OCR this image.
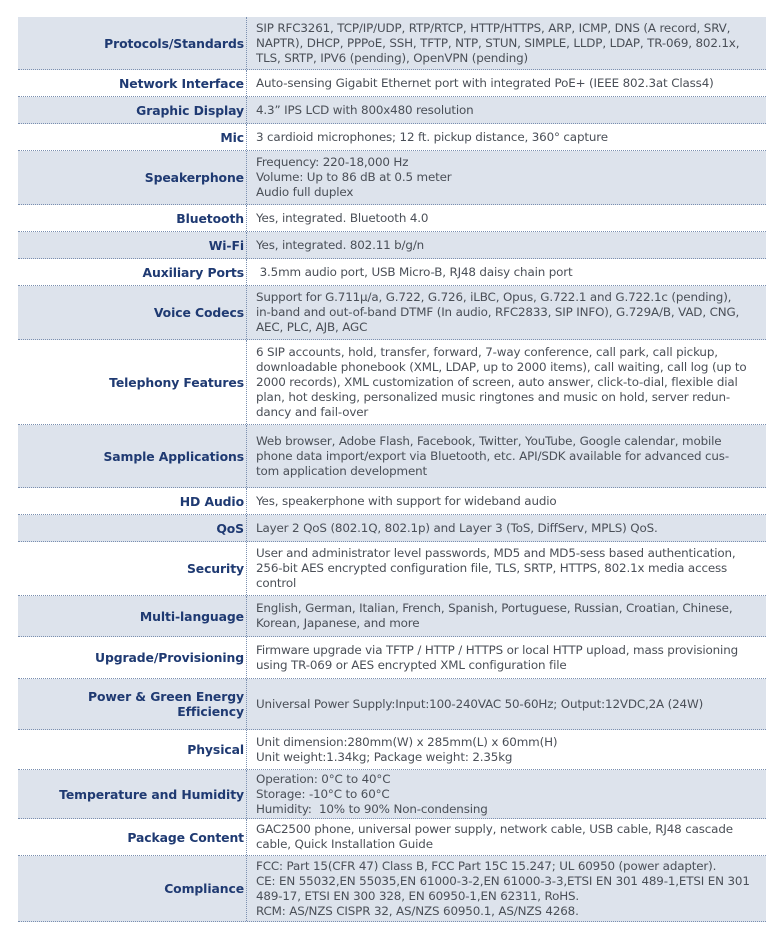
Protocols/Standards
SIP RFC3261, TCP/IP/UDP, RTP/RTCP, HTTP/HTTPS, ARP, ICMP, DNS (A record, SRV,
NAPTR), DHCP, PPPoE, SSH, TFTP, NTP, STUN, SIMPLE, LLDP, LDAP, TR-069, 802.1x,
TLS, SRTP, IPV6 (pending), OpenVPN (pending)
Network Interface Auto-sensing Gigabit Ethernet port with integrated PoE+ (IEEE 802.3at Class4)
Graphic Display 4.3” IPS LCD with 800x480 resolution
Mic 3 cardioid microphones; 12 ft. pickup distance, 360° capture
Speakerphone
Frequency: 220-18,000 Hz
Volume: Up to 86 dB at 0.5 meter
Audio full duplex
Bluetooth Yes, integrated. Bluetooth 4.0
Wi-Fi Yes, integrated. 802.11 b/g/n
Auxiliary Ports 3.5mm audio port, USB Micro-B, RJ48 daisy chain port
Voice Codecs
Support for G.711µ/a, G.722, G.726, iLBC, Opus, G.722.1 and G.722.1c (pending),
in-band and out-of-band DTMF (In audio, RFC2833, SIP INFO), G.729A/B, VAD, CNG,
AEC, PLC, AJB, AGC
Telephony Features
6 SIP accounts, hold, transfer, forward, 7-way conference, call park, call pickup,
downloadable phonebook (XML, LDAP, up to 2000 items), call waiting, call log (up to
2000 records), XML customization of screen, auto answer, click-to-dial, flexible dial
plan, hot desking, personalized music ringtones and music on hold, server redun-
dancy and fail-over
Sample Applications
Web browser, Adobe Flash, Facebook, Twitter, YouTube, Google calendar, mobile
phone data import/export via Bluetooth, etc. API/SDK available for advanced cus-
tom application development
HD Audio Yes, speakerphone with support for wideband audio
QoS Layer 2 QoS (802.1Q, 802.1p) and Layer 3 (ToS, DiffServ, MPLS) QoS.
Security
User and administrator level passwords, MD5 and MD5-sess based authentication,
256-bit AES encrypted configuration file, TLS, SRTP, HTTPS, 802.1x media access
control
Multi-language
English, German, Italian, French, Spanish, Portuguese, Russian, Croatian, Chinese,
Korean, Japanese, and more
Upgrade/Provisioning
Firmware upgrade via TFTP / HTTP / HTTPS or local HTTP upload, mass provisioning
using TR-069 or AES encrypted XML configuration file
Power & Green Energy Efficiency
Universal Power Supply:Input:100-240VAC 50-60Hz; Output:12VDC,2A (24W)
Physical
Unit dimension:280mm(W) x 285mm(L) x 60mm(H)
Unit weight:1.34kg; Package weight: 2.35kg
Temperature and Humidity
Operation: 0°C to 40°C
Storage: -10°C to 60°C
Humidity:  10% to 90% Non-condensing
Package Content
GAC2500 phone, universal power supply, network cable, USB cable, RJ48 cascade
cable, Quick Installation Guide
Compliance
FCC: Part 15(CFR 47) Class B, FCC Part 15C 15.247; UL 60950 (power adapter).
CE: EN 55032,EN 55035,EN 61000-3-2,EN 61000-3-3,ETSI EN 301 489-1,ETSI EN 301
489-17, ETSI EN 300 328, EN 60950-1,EN 62311, RoHS.
RCM: AS/NZS CISPR 32, AS/NZS 60950.1, AS/NZS 4268.
